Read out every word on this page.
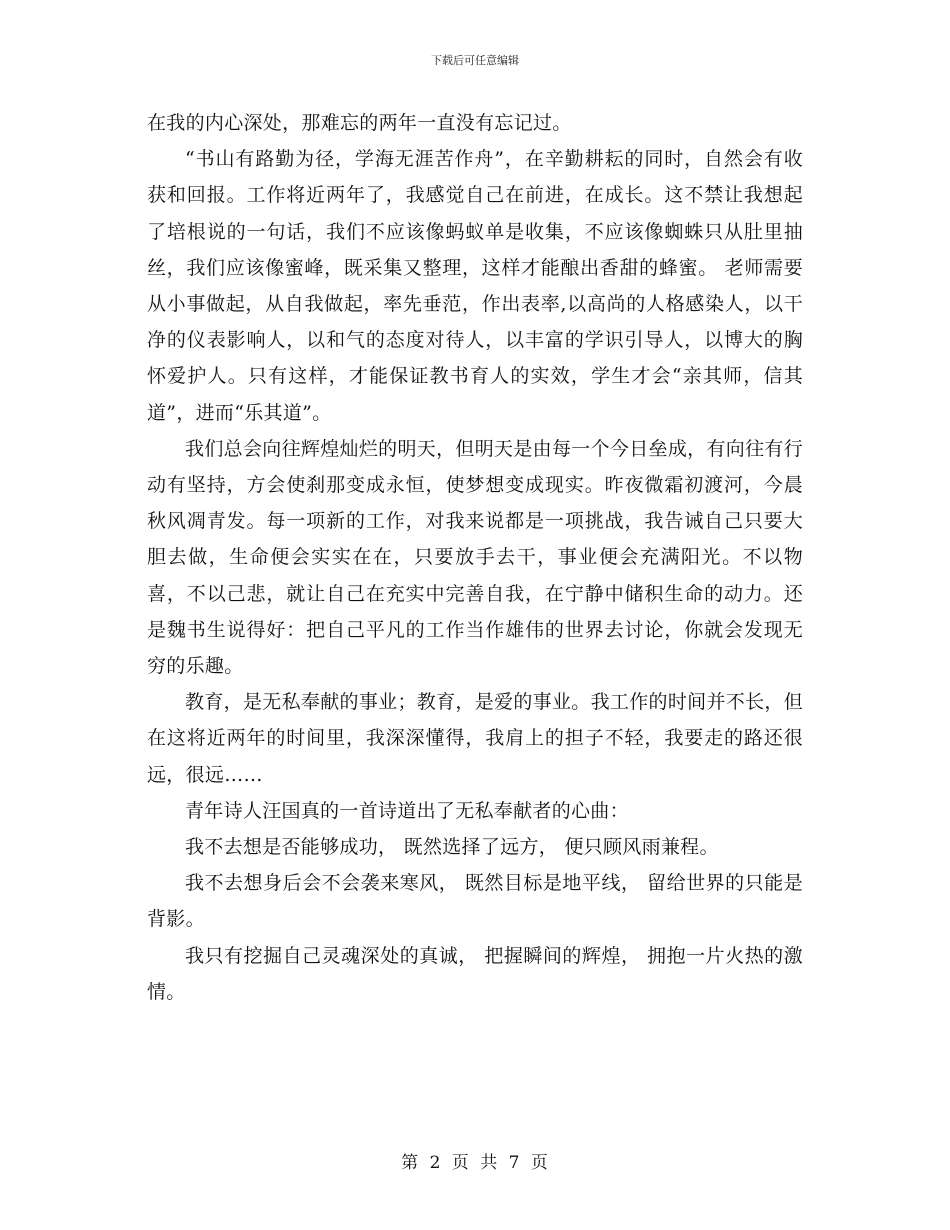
下载后可任意编辑

在我的内心深处，那难忘的两年一直没有忘记过。

“书山有路勤为径，学海无涯苦作舟”，在辛勤耕耘的同时，自然会有收获和回报。工作将近两年了，我感觉自己在前进，在成长。这不禁让我想起了培根说的一句话，我们不应该像蚂蚁单是收集，不应该像蜘蛛只从肚里抽丝，我们应该像蜜峰，既采集又整理，这样才能酿出香甜的蜂蜜。 老师需要从小事做起，从自我做起，率先垂范，作出表率,以高尚的人格感染人，以干净的仪表影响人，以和气的态度对待人，以丰富的学识引导人，以博大的胸怀爱护人。只有这样，才能保证教书育人的实效，学生才会“亲其师，信其道”，进而“乐其道”。

我们总会向往辉煌灿烂的明天，但明天是由每一个今日垒成，有向往有行动有坚持，方会使刹那变成永恒，使梦想变成现实。昨夜微霜初渡河，今晨秋风凋青发。每一项新的工作，对我来说都是一项挑战，我告诫自己只要大胆去做，生命便会实实在在，只要放手去干，事业便会充满阳光。不以物喜，不以己悲，就让自己在充实中完善自我，在宁静中储积生命的动力。还是魏书生说得好：把自己平凡的工作当作雄伟的世界去讨论，你就会发现无穷的乐趣。

教育，是无私奉献的事业；教育，是爱的事业。我工作的时间并不长，但在这将近两年的时间里，我深深懂得，我肩上的担子不轻，我要走的路还很远，很远……

青年诗人汪国真的一首诗道出了无私奉献者的心曲：

我不去想是否能够成功， 既然选择了远方， 便只顾风雨兼程。

我不去想身后会不会袭来寒风， 既然目标是地平线， 留给世界的只能是背影。

我只有挖掘自己灵魂深处的真诚， 把握瞬间的辉煌， 拥抱一片火热的激情。

第 2 页 共 7 页
